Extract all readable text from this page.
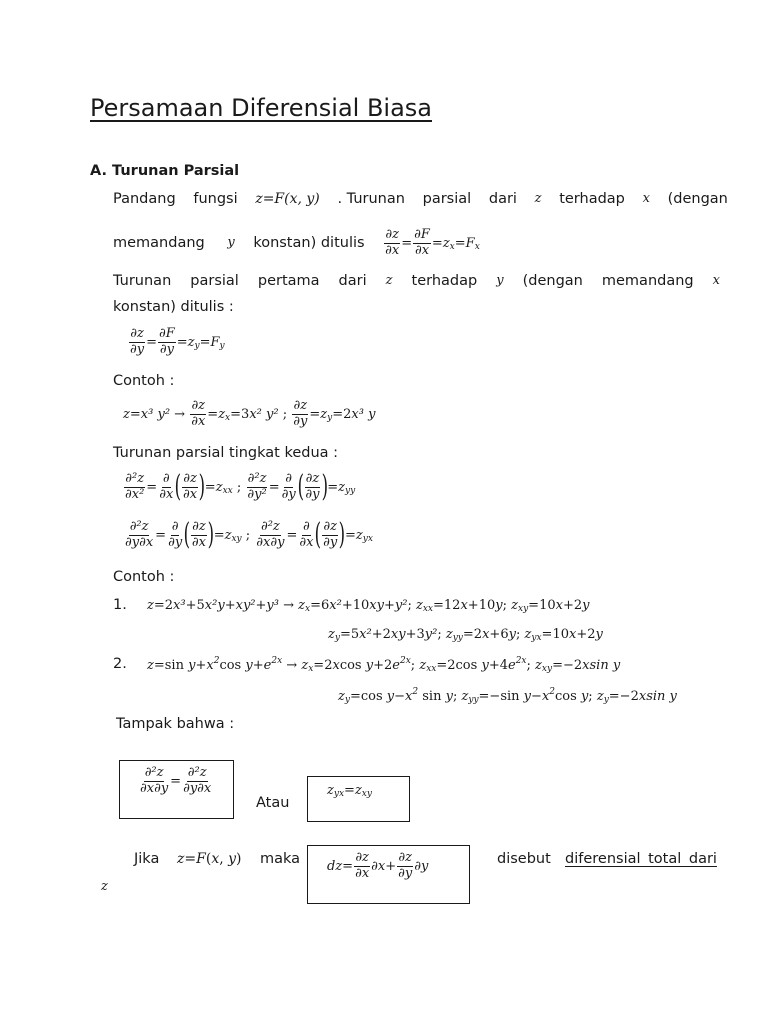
Persamaan Diferensial Biasa
A. Turunan Parsial
Pandang fungsi z=F(x, y) . Turunan parsial dari z terhadap x (dengan
memandang y konstan) ditulis $\frac{\partial z}{\partial x} = \frac{\partial F}{\partial x} =z_x=F_x$
Turunan parsial pertama dari z terhadap y (dengan memandang x
konstan) ditulis :
$\frac{\partial z}{\partial y} = \frac{\partial F}{\partial y} =z_y=F_y$
Contoh :
z=x³ $y^2 \to \frac{\partial z}{\partial x} =z_x=3x^2$ y² ; $\frac{\partial z}{\partial y} =z_y=2x^3$ y
Turunan parsial tingkat kedua :
$\frac{\text{∂²z}}{\text{∂x²}} = \frac{\partial}{\partial x}$ ( $\frac{\partial z}{\partial x} )=z_{xx}$ ; $\frac{\text{∂²z}}{\text{∂y²}} = \frac{\partial}{\partial y}$ ( $\frac{\partial z}{\partial y} )=z_{yy}$
$\frac{\text{∂²z}}{\partial y\partial x} = \frac{\partial}{\partial y}$ ( $\frac{\partial z}{\partial x} )=z_{xy}$ ; $\frac{\text{∂²z}}{\partial x\partial y} = \frac{\partial}{\partial x}$ ( $\frac{\partial z}{\partial y} )=z_{yx}$
Contoh :
1. $z=2x^3+5x^2y+xy^2+y^3 \to z_x=6x^2+10xy+y^2$; $z_{xx}=12x+10y$; $z_{xy}=10x+2y$
$z_y=5x^2+2xy+3y^2$; $z_{yy}=2x+6y$; $z_{yx}=10x+2y$
2. z=sin $y+x^2\cos$ $y+e^{2x} \to z_x=2xcos$ $y+2e^{2x}$; $z_{xx}=2\cos$ $y+4e^{2x}$; $z_{xy}=-2xsin$ y
$z_y=\cos$ $y-x^2$ sin y; $z_{yy}=-\sin$ $y-x^2\cos$ y; $z_y=-2xsin$ y
Tampak bahwa :
$\frac{\text{∂²z}}{\partial x\partial y} = \frac{\text{∂²z}}{\partial y\partial x}$
Atau
$z_{yx}=z_{xy}$
Jika z=F(x, y) maka $dz= \frac{\partial z}{\partial x} \partial x+ \frac{\partial z}{\partial y} \partial y$	disebut diferensial total dari
z
